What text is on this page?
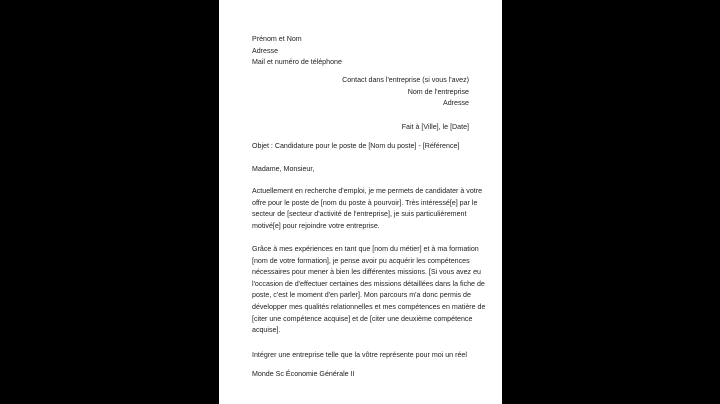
Prénom et Nom
Adresse
Mail et numéro de téléphone
Contact dans l'entreprise (si vous l'avez)
Nom de l'entreprise
Adresse
Fait à [Ville], le [Date]
Objet : Candidature pour le poste de [Nom du poste] - [Référence]
Madame, Monsieur,
Actuellement en recherche d'emploi, je me permets de candidater à votre
offre pour le poste de [nom du poste à pourvoir]. Très intéressé[e] par le
secteur de [secteur d'activité de l'entreprise], je suis particulièrement
motivé[e] pour rejoindre votre entreprise.
Grâce à mes expériences en tant que [nom du métier] et à ma formation
[nom de votre formation], je pense avoir pu acquérir les compétences
nécessaires pour mener à bien les différentes missions. [Si vous avez eu
l'occasion de d'effectuer certaines des missions détaillées dans la fiche de
poste, c'est le moment d'en parler]. Mon parcours m'a donc permis de
développer mes qualités relationnelles et mes compétences en matière de
[citer une compétence acquise] et de [citer une deuxième compétence
acquise].
Intégrer une entreprise telle que la vôtre représente pour moi un réel
Monde Sc Économie Générale II
